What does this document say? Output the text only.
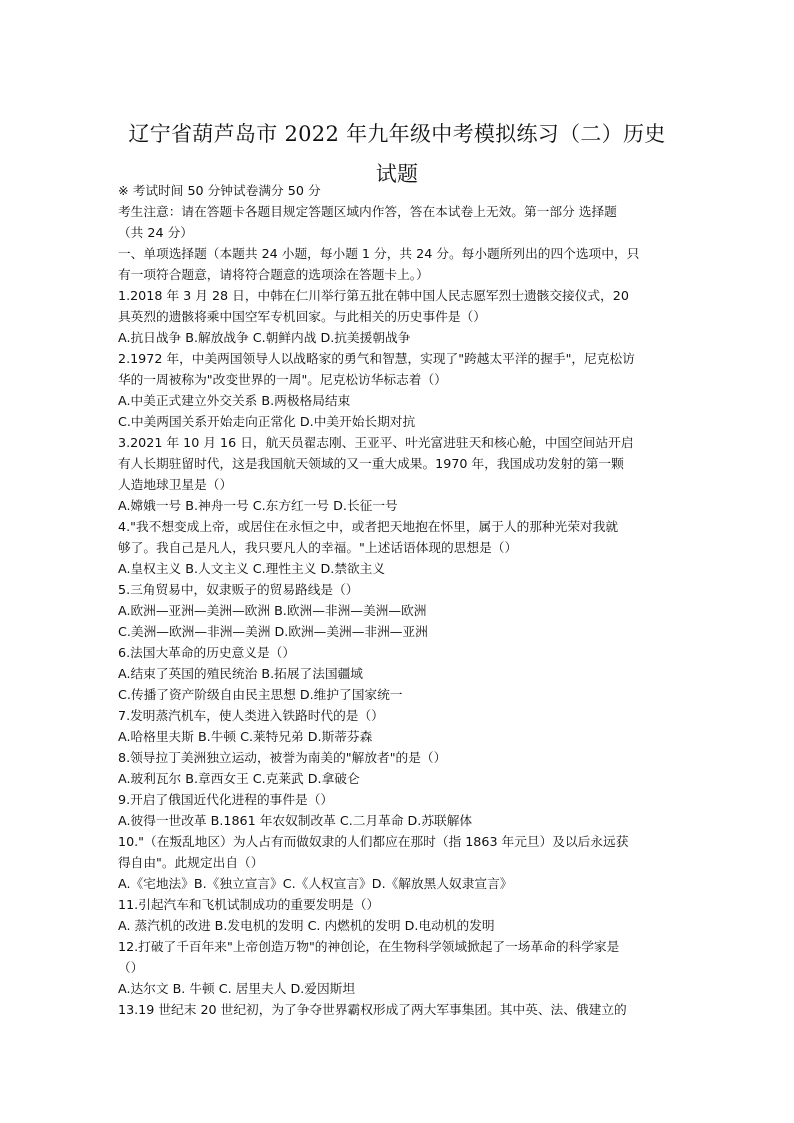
辽宁省葫芦岛市 2022 年九年级中考模拟练习（二）历史试题
※ 考试时间 50 分钟试卷满分 50 分
考生注意：请在答题卡各题目规定答题区域内作答，答在本试卷上无效。第一部分 选择题
（共 24 分）
一、单项选择题（本题共 24 小题，每小题 1 分，共 24 分。每小题所列出的四个选项中，只
有一项符合题意，请将符合题意的选项涂在答题卡上。）
1.2018 年 3 月 28 日，中韩在仁川举行第五批在韩中国人民志愿军烈士遗骸交接仪式，20
具英烈的遗骸将乘中国空军专机回家。与此相关的历史事件是（）
A.抗日战争 B.解放战争 C.朝鲜内战 D.抗美援朝战争
2.1972 年，中美两国领导人以战略家的勇气和智慧，实现了"跨越太平洋的握手"，尼克松访
华的一周被称为"改变世界的一周"。尼克松访华标志着（）
A.中美正式建立外交关系 B.两极格局结束
C.中美两国关系开始走向正常化 D.中美开始长期对抗
3.2021 年 10 月 16 日，航天员翟志刚、王亚平、叶光富进驻天和核心舱，中国空间站开启
有人长期驻留时代，这是我国航天领域的又一重大成果。1970 年，我国成功发射的第一颗
人造地球卫星是（）
A.嫦娥一号 B.神舟一号 C.东方红一号 D.长征一号
4."我不想变成上帝，或居住在永恒之中，或者把天地抱在怀里，属于人的那种光荣对我就
够了。我自己是凡人，我只要凡人的幸福。"上述话语体现的思想是（）
A.皇权主义 B.人文主义 C.理性主义 D.禁欲主义
5.三角贸易中，奴隶贩子的贸易路线是（）
A.欧洲—亚洲—美洲—欧洲 B.欧洲—非洲—美洲—欧洲
C.美洲—欧洲—非洲—美洲 D.欧洲—美洲—非洲—亚洲
6.法国大革命的历史意义是（）
A.结束了英国的殖民统治 B.拓展了法国疆域
C.传播了资产阶级自由民主思想 D.维护了国家统一
7.发明蒸汽机车，使人类进入铁路时代的是（）
A.哈格里夫斯 B.牛顿 C.莱特兄弟 D.斯蒂芬森
8.领导拉丁美洲独立运动，被誉为南美的"解放者"的是（）
A.玻利瓦尔 B.章西女王 C.克莱武 D.拿破仑
9.开启了俄国近代化进程的事件是（）
A.彼得一世改革 B.1861 年农奴制改革 C.二月革命 D.苏联解体
10."（在叛乱地区）为人占有而做奴隶的人们都应在那时（指 1863 年元旦）及以后永远获
得自由"。此规定出自（）
A.《宅地法》B.《独立宣言》C.《人权宣言》D.《解放黑人奴隶宣言》
11.引起汽车和飞机试制成功的重要发明是（）
A. 蒸汽机的改进 B.发电机的发明 C. 内燃机的发明 D.电动机的发明
12.打破了千百年来"上帝创造万物"的神创论，在生物科学领域掀起了一场革命的科学家是
（）
A.达尔文 B. 牛顿 C. 居里夫人 D.爱因斯坦
13.19 世纪末 20 世纪初，为了争夺世界霸权形成了两大军事集团。其中英、法、俄建立的
